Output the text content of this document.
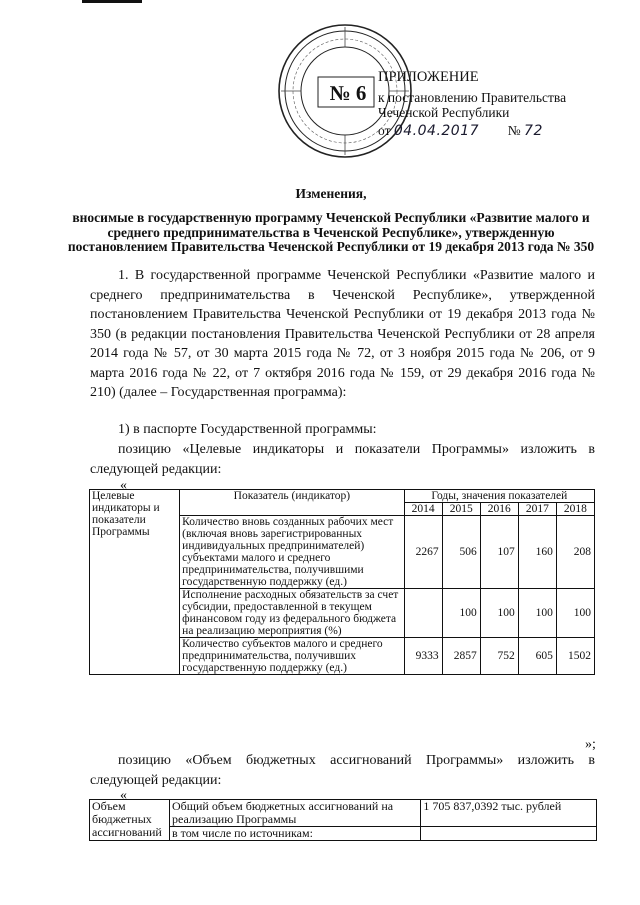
№ 6
ПРИЛОЖЕНИЕ
к постановлению Правительства
Чеченской Республики
от 04.04.2017 № 72
Изменения,
вносимые в государственную программу Чеченской Республики «Развитие малого и среднего предпринимательства в Чеченской Республике», утвержденную постановлением Правительства Чеченской Республики от 19 декабря 2013 года № 350
1. В государственной программе Чеченской Республики «Развитие малого и среднего предпринимательства в Чеченской Республике», утвержденной постановлением Правительства Чеченской Республики от 19 декабря 2013 года № 350 (в редакции постановления Правительства Чеченской Республики от 28 апреля 2014 года № 57, от 30 марта 2015 года № 72, от 3 ноября 2015 года № 206, от 9 марта 2016 года № 22, от 7 октября 2016 года № 159, от 29 декабря 2016 года № 210) (далее – Государственная программа):
1) в паспорте Государственной программы:
позицию «Целевые индикаторы и показатели Программы» изложить в следующей редакции:
«
Целевые индикаторы и показатели Программы	Показатель (индикатор)	Годы, значения показателей				
		2014	2015	2016	2017	2018
	Количество вновь созданных рабочих мест (включая вновь зарегистрированных индивидуальных предпринимателей) субъектами малого и среднего предпринимательства, получившими государственную поддержку (ед.)	2267	506	107	160	208
	Исполнение расходных обязательств за счет субсидии, предоставленной в текущем финансовом году из федерального бюджета на реализацию мероприятия (%)		100	100	100	100
	Количество субъектов малого и среднего предпринимательства, получивших государственную поддержку (ед.)	9333	2857	752	605	1502
»;
позицию «Объем бюджетных ассигнований Программы» изложить в следующей редакции:
«
Объем бюджетных ассигнований	Общий объем бюджетных ассигнований на реализацию Программы	1 705 837,0392 тыс. рублей
	в том числе по источникам:	
